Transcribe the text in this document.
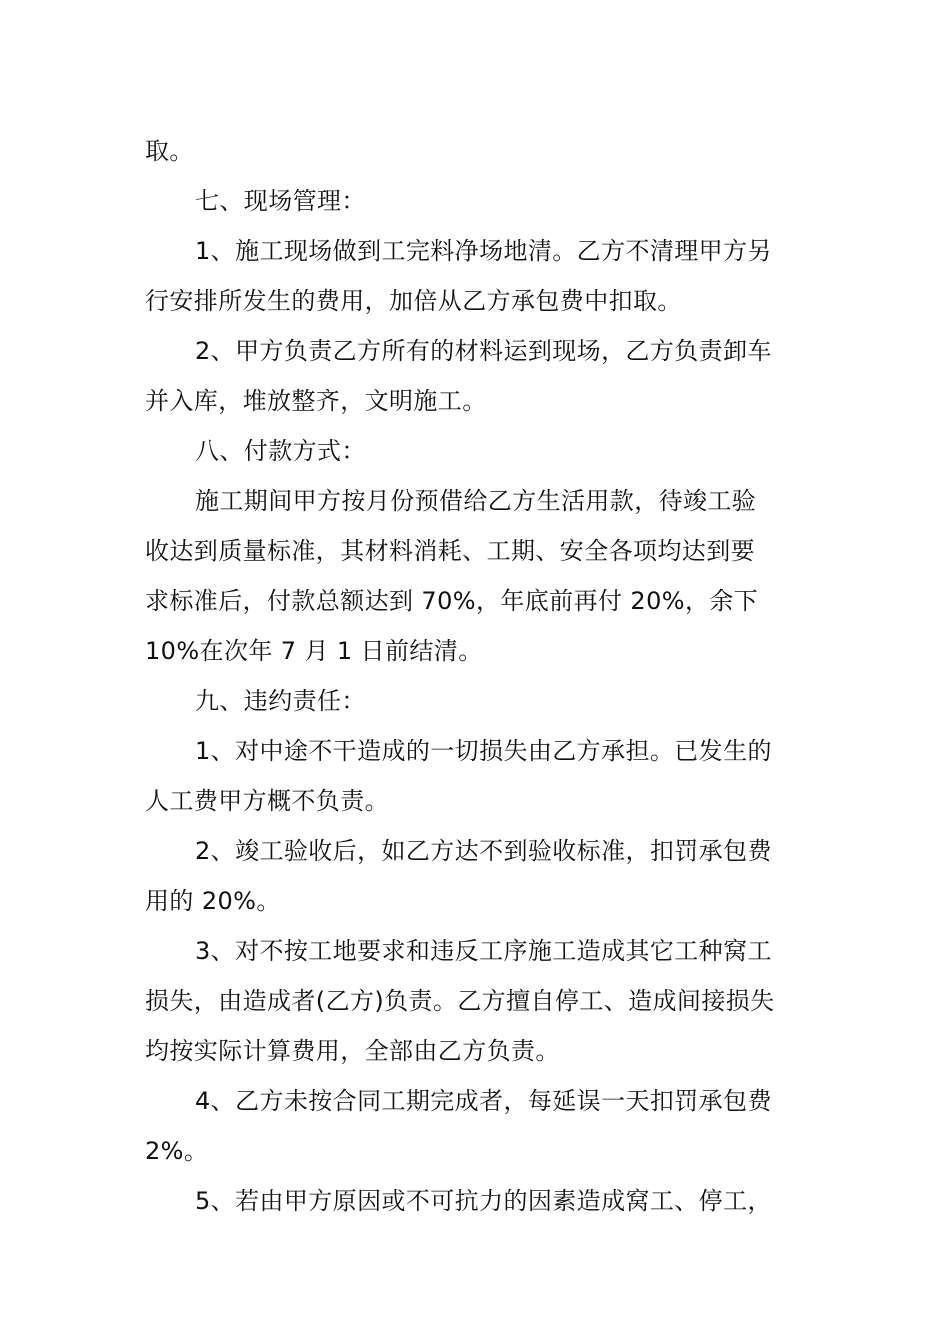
取。
七、现场管理：
1、施工现场做到工完料净场地清。乙方不清理甲方另
行安排所发生的费用，加倍从乙方承包费中扣取。
2、甲方负责乙方所有的材料运到现场，乙方负责卸车
并入库，堆放整齐，文明施工。
八、付款方式：
施工期间甲方按月份预借给乙方生活用款，待竣工验
收达到质量标准，其材料消耗、工期、安全各项均达到要
求标准后，付款总额达到 70%，年底前再付 20%，余下
10%在次年 7 月 1 日前结清。
九、违约责任：
1、对中途不干造成的一切损失由乙方承担。已发生的
人工费甲方概不负责。
2、竣工验收后，如乙方达不到验收标准，扣罚承包费
用的 20%。
3、对不按工地要求和违反工序施工造成其它工种窝工
损失，由造成者(乙方)负责。乙方擅自停工、造成间接损失
均按实际计算费用，全部由乙方负责。
4、乙方未按合同工期完成者，每延误一天扣罚承包费
2%。
5、若由甲方原因或不可抗力的因素造成窝工、停工，
